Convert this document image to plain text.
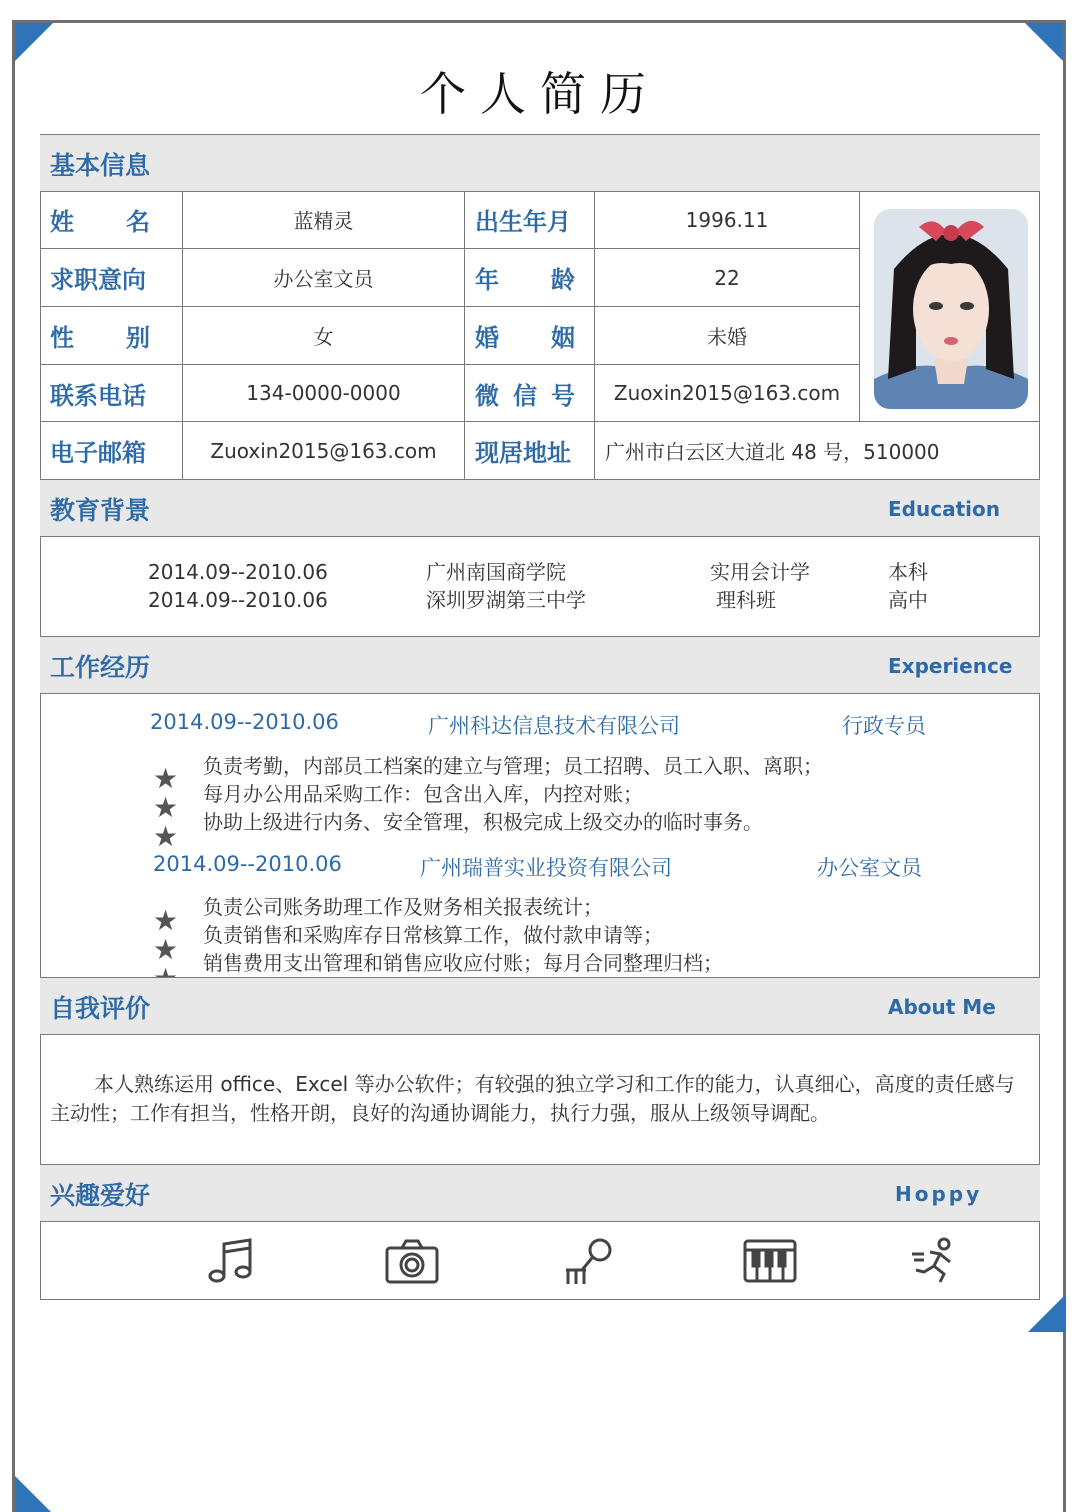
个人简历
基本信息
姓 名	蓝精灵	出生年月	1996.11
求职意向	办公室文员	年 龄	22
性 别	女	婚 姻	未婚
联系电话	134-0000-0000	微 信 号	Zuoxin2015@163.com
电子邮箱	Zuoxin2015@163.com	现居地址	广州市白云区大道北 48 号，510000
教育背景	Education
2014.09--2010.06	广州南国商学院	实用会计学	本科
2014.09--2010.06	深圳罗湖第三中学	理科班	高中
工作经历	Experience
2014.09--2010.06	广州科达信息技术有限公司	行政专员
★
★
★
负责考勤，内部员工档案的建立与管理；员工招聘、员工入职、离职；
每月办公用品采购工作：包含出入库，内控对账；
协助上级进行内务、安全管理，积极完成上级交办的临时事务。
2014.09--2010.06	广州瑞普实业投资有限公司	办公室文员
★
★

负责公司账务助理工作及财务相关报表统计；
负责销售和采购库存日常核算工作，做付款申请等；
销售费用支出管理和销售应收应付账；每月合同整理归档；
自我评价	About Me
本人熟练运用 office、Excel 等办公软件；有较强的独立学习和工作的能力，认真细心，高度的责任感与主动性；工作有担当，性格开朗，良好的沟通协调能力，执行力强，服从上级领导调配。
兴趣爱好	Hoppy
